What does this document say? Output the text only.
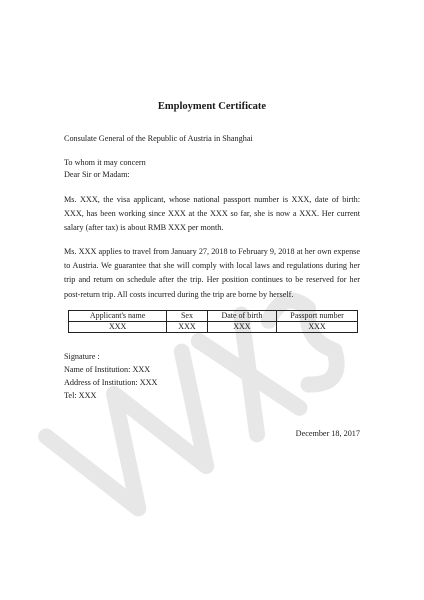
Employment Certificate
Consulate General of the Republic of Austria in Shanghai
To whom it may concern
Dear Sir or Madam:
Ms. XXX, the visa applicant, whose national passport number is XXX, date of birth: XXX, has been working since XXX at the XXX so far, she is now a XXX. Her current salary (after tax) is about RMB XXX per month.
Ms. XXX applies to travel from January 27, 2018 to February 9, 2018 at her own expense to Austria. We guarantee that she will comply with local laws and regulations during her trip and return on schedule after the trip. Her position continues to be reserved for her post-return trip. All costs incurred during the trip are borne by herself.
Applicant's name	Sex	Date of birth	Passport number
XXX	XXX	XXX	XXX
Signature :
Name of Institution: XXX
Address of Institution: XXX
Tel: XXX
December 18, 2017
